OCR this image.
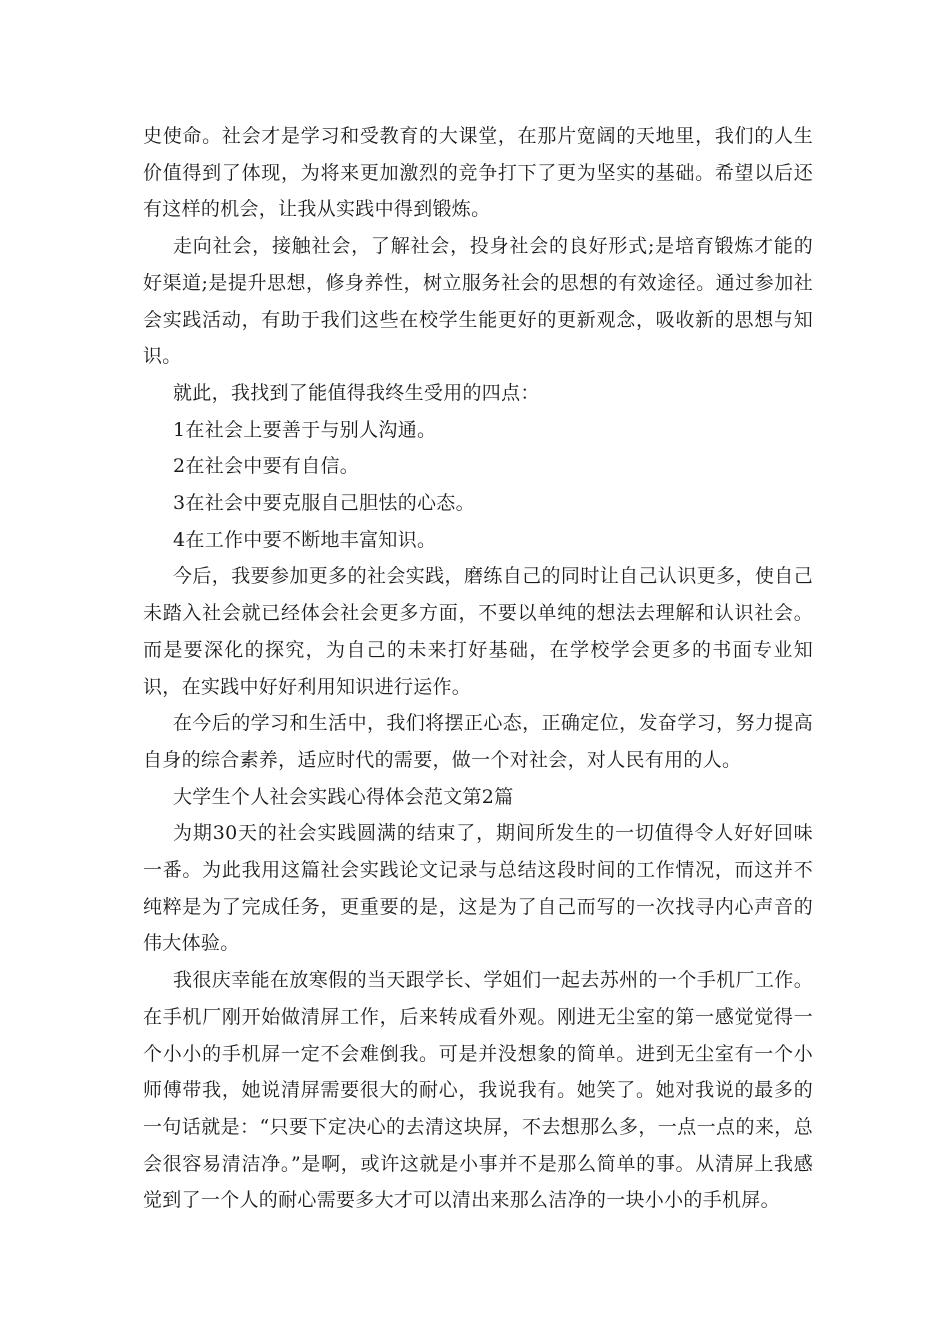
史使命。社会才是学习和受教育的大课堂，在那片宽阔的天地里，我们的人生价值得到了体现，为将来更加激烈的竞争打下了更为坚实的基础。希望以后还有这样的机会，让我从实践中得到锻炼。

走向社会，接触社会，了解社会，投身社会的良好形式;是培育锻炼才能的好渠道;是提升思想，修身养性，树立服务社会的思想的有效途径。通过参加社会实践活动，有助于我们这些在校学生能更好的更新观念，吸收新的思想与知识。

就此，我找到了能值得我终生受用的四点：

1在社会上要善于与别人沟通。

2在社会中要有自信。

3在社会中要克服自己胆怯的心态。

4在工作中要不断地丰富知识。

今后，我要参加更多的社会实践，磨练自己的同时让自己认识更多，使自己未踏入社会就已经体会社会更多方面，不要以单纯的想法去理解和认识社会。而是要深化的探究，为自己的未来打好基础，在学校学会更多的书面专业知识，在实践中好好利用知识进行运作。

在今后的学习和生活中，我们将摆正心态，正确定位，发奋学习，努力提高自身的综合素养，适应时代的需要，做一个对社会，对人民有用的人。

大学生个人社会实践心得体会范文第2篇

为期30天的社会实践圆满的结束了，期间所发生的一切值得令人好好回味一番。为此我用这篇社会实践论文记录与总结这段时间的工作情况，而这并不纯粹是为了完成任务，更重要的是，这是为了自己而写的一次找寻内心声音的伟大体验。

我很庆幸能在放寒假的当天跟学长、学姐们一起去苏州的一个手机厂工作。在手机厂刚开始做清屏工作，后来转成看外观。刚进无尘室的第一感觉觉得一个小小的手机屏一定不会难倒我。可是并没想象的简单。进到无尘室有一个小师傅带我，她说清屏需要很大的耐心，我说我有。她笑了。她对我说的最多的一句话就是：“只要下定决心的去清这块屏，不去想那么多，一点一点的来，总会很容易清洁净。”是啊，或许这就是小事并不是那么简单的事。从清屏上我感觉到了一个人的耐心需要多大才可以清出来那么洁净的一块小小的手机屏。
